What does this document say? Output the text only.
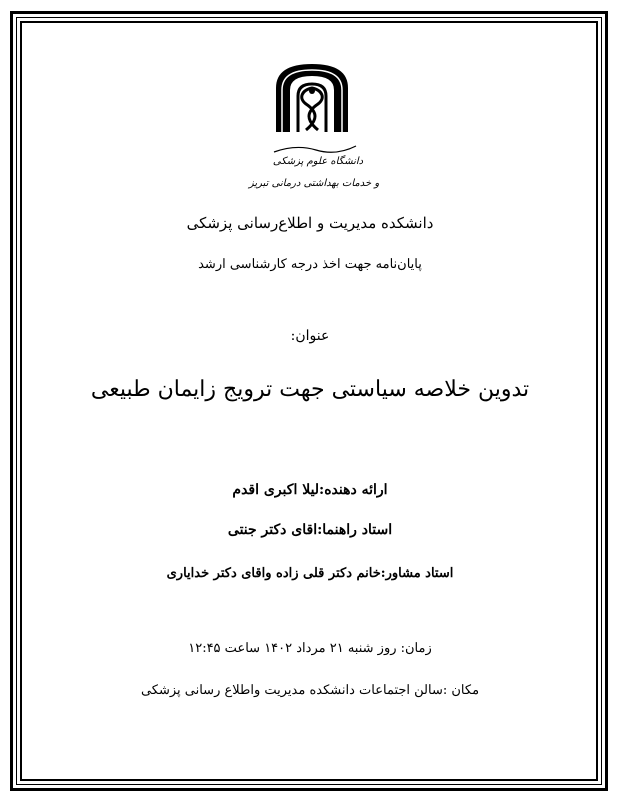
دانشگاه علوم پزشکی
و خدمات بهداشتی درمانی تبریز
دانشکده مدیریت و اطلاع‌رسانی پزشکی
پایان‌نامه جهت اخذ درجه کارشناسی ارشد
عنوان:
تدوین خلاصه سیاستی جهت ترویج زایمان طبیعی
ارائه دهنده:لیلا اکبری اقدم
استاد راهنما:اقای دکتر جنتی
استاد مشاور:خانم دکتر قلی زاده واقای دکتر خدایاری
زمان: روز شنبه ۲۱ مرداد ۱۴۰۲ ساعت ۱۲:۴۵
مکان :سالن اجتماعات دانشکده مدیریت واطلاع رسانی پزشکی
